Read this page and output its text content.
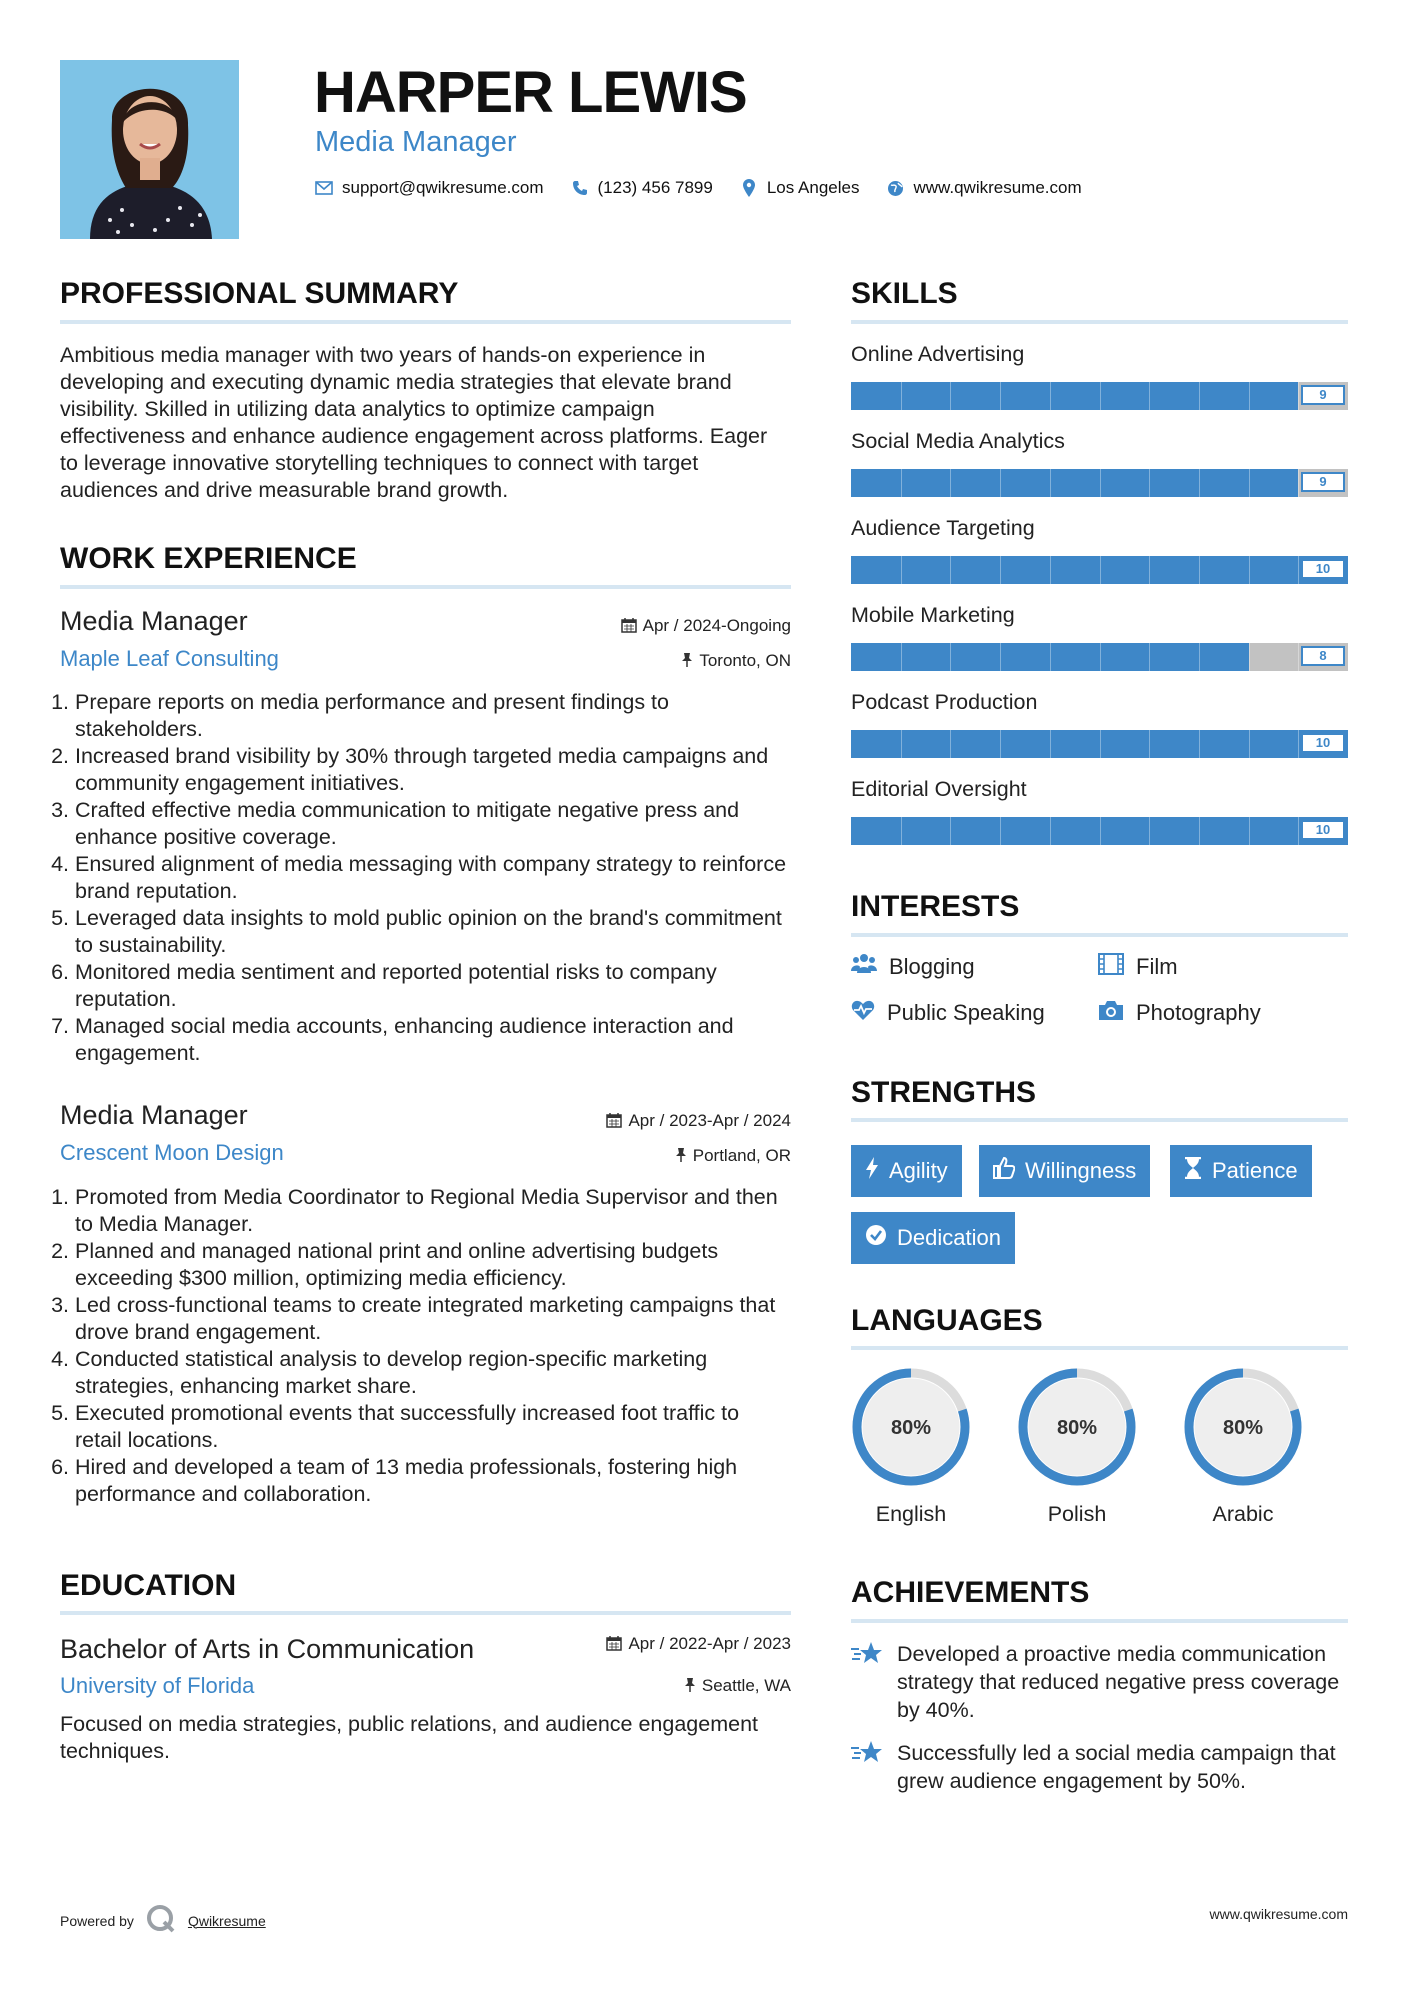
HARPER LEWIS
Media Manager
support@qwikresume.com	(123) 456 7899	Los Angeles	www.qwikresume.com
PROFESSIONAL SUMMARY
Ambitious media manager with two years of hands-on experience in developing and executing dynamic media strategies that elevate brand visibility. Skilled in utilizing data analytics to optimize campaign effectiveness and enhance audience engagement across platforms. Eager to leverage innovative storytelling techniques to connect with target audiences and drive measurable brand growth.
WORK EXPERIENCE
Media Manager	Apr / 2024-Ongoing
Maple Leaf Consulting	Toronto, ON
1. Prepare reports on media performance and present findings to stakeholders.
2. Increased brand visibility by 30% through targeted media campaigns and community engagement initiatives.
3. Crafted effective media communication to mitigate negative press and enhance positive coverage.
4. Ensured alignment of media messaging with company strategy to reinforce brand reputation.
5. Leveraged data insights to mold public opinion on the brand's commitment to sustainability.
6. Monitored media sentiment and reported potential risks to company reputation.
7. Managed social media accounts, enhancing audience interaction and engagement.
Media Manager	Apr / 2023-Apr / 2024
Crescent Moon Design	Portland, OR
1. Promoted from Media Coordinator to Regional Media Supervisor and then to Media Manager.
2. Planned and managed national print and online advertising budgets exceeding $300 million, optimizing media efficiency.
3. Led cross-functional teams to create integrated marketing campaigns that drove brand engagement.
4. Conducted statistical analysis to develop region-specific marketing strategies, enhancing market share.
5. Executed promotional events that successfully increased foot traffic to retail locations.
6. Hired and developed a team of 13 media professionals, fostering high performance and collaboration.
EDUCATION
Bachelor of Arts in Communication	Apr / 2022-Apr / 2023
University of Florida	Seattle, WA
Focused on media strategies, public relations, and audience engagement techniques.
SKILLS
Online Advertising
9
Social Media Analytics
9
Audience Targeting
10
Mobile Marketing
8
Podcast Production
10
Editorial Oversight
10
INTERESTS
Blogging	Film
Public Speaking	Photography
STRENGTHS
Agility	Willingness	Patience
Dedication
LANGUAGES
80%
English
80%
Polish
80%
Arabic
ACHIEVEMENTS
Developed a proactive media communication strategy that reduced negative press coverage by 40%.
Successfully led a social media campaign that grew audience engagement by 50%.
Powered by	Qwikresume	www.qwikresume.com
